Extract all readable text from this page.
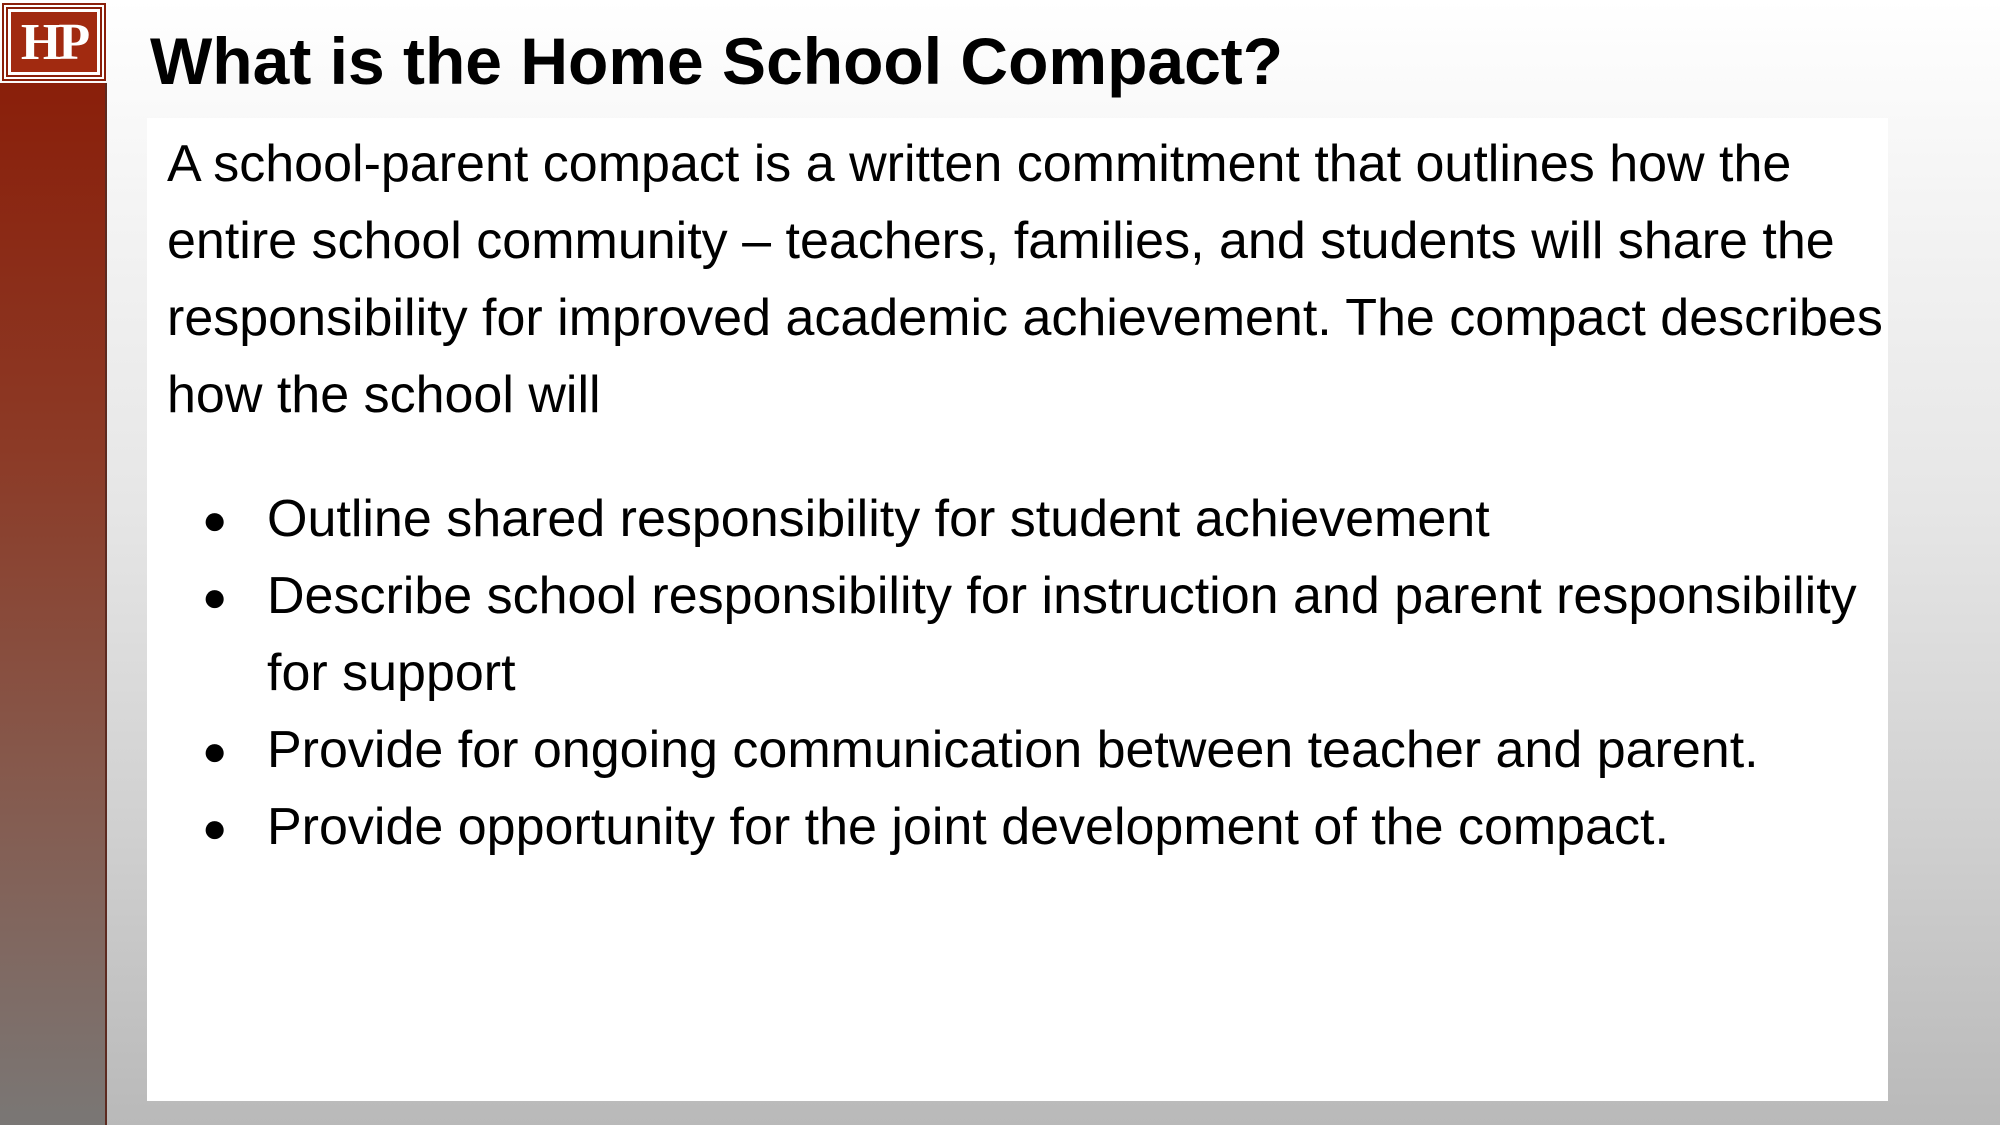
HP What is the Home School Compact?

A school-parent compact is a written commitment that outlines how the entire school community – teachers, families, and students will share the responsibility for improved academic achievement. The compact describes how the school will

● Outline shared responsibility for student achievement
● Describe school responsibility for instruction and parent responsibility for support
● Provide for ongoing communication between teacher and parent.
● Provide opportunity for the joint development of the compact.
